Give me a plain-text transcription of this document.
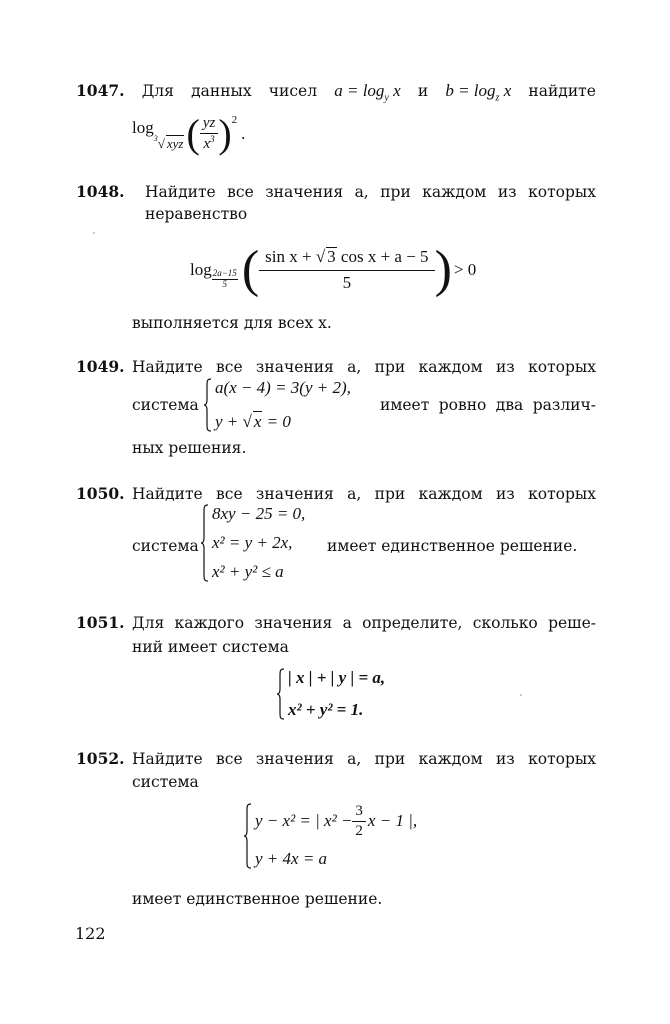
1047. Для данных чисел $a = \log_y x$ и $b = \log_z x$ найдите
log
$^3$√ xyz ( $\frac{yz}{x^3} )^2$
.
1048.	Найдите все значения a, при каждом из которых
неравенство
log
$\frac{2a-15}{5}$ ( $\frac{\text{sin x + √ 3 cos x + a − 5}}{5}$ ) > 0
выполняется для всех x.
1049. Найдите все значения a, при каждом из которых
система
a(x − 4) = 3(y + 2),
y + √ x = 0
имеет ровно два различ-
ных решения.
1050. Найдите все значения a, при каждом из которых
система
8xy − 25 = 0,
x² = y + 2x,
x² + y² ≤ a
имеет единственное решение.
1051. Для каждого значения a определите, сколько реше-
ний имеет система
| x | + | y | = a,
x² + y² = 1.
1052. Найдите все значения a, при каждом из которых
система
y − x² = | $x^2 - \frac{3}{2}$ x − 1 |,
y + 4x = a
имеет единственное решение.
122
